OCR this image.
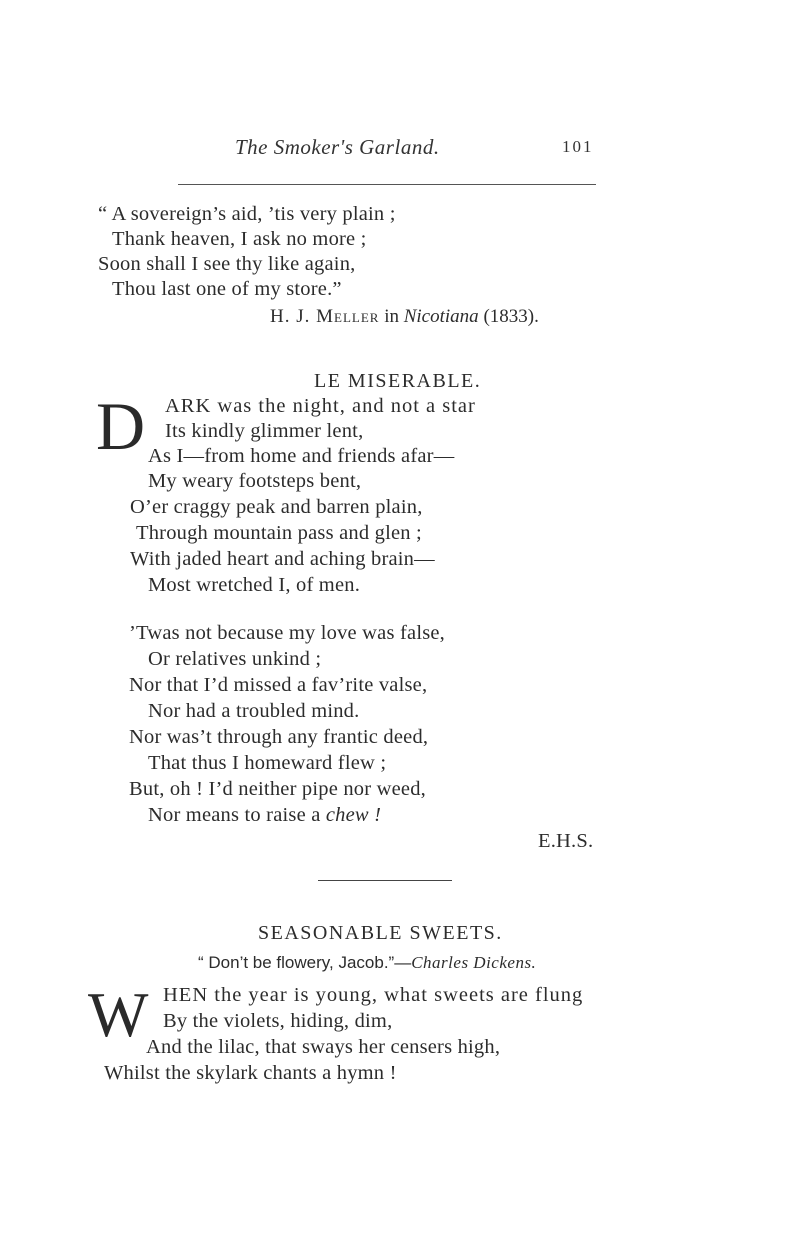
The Smoker's Garland.	101
“ A sovereign’s aid, ’tis very plain ;
Thank heaven, I ask no more ;
Soon shall I see thy like again,
Thou last one of my store.”
H. J. Meller in Nicotiana (1833).
LE MISERABLE.
D ARK was the night, and not a star
Its kindly glimmer lent,
As I—from home and friends afar—
My weary footsteps bent,
O’er craggy peak and barren plain,
Through mountain pass and glen ;
With jaded heart and aching brain—
Most wretched I, of men.
’Twas not because my love was false,
Or relatives unkind ;
Nor that I’d missed a fav’rite valse,
Nor had a troubled mind.
Nor was’t through any frantic deed,
That thus I homeward flew ;
But, oh ! I’d neither pipe nor weed,
Nor means to raise a chew !
E.H.S.
SEASONABLE SWEETS.
“ Don’t be flowery, Jacob.”—Charles Dickens.
W HEN the year is young, what sweets are flung
By the violets, hiding, dim,
And the lilac, that sways her censers high,
Whilst the skylark chants a hymn !
